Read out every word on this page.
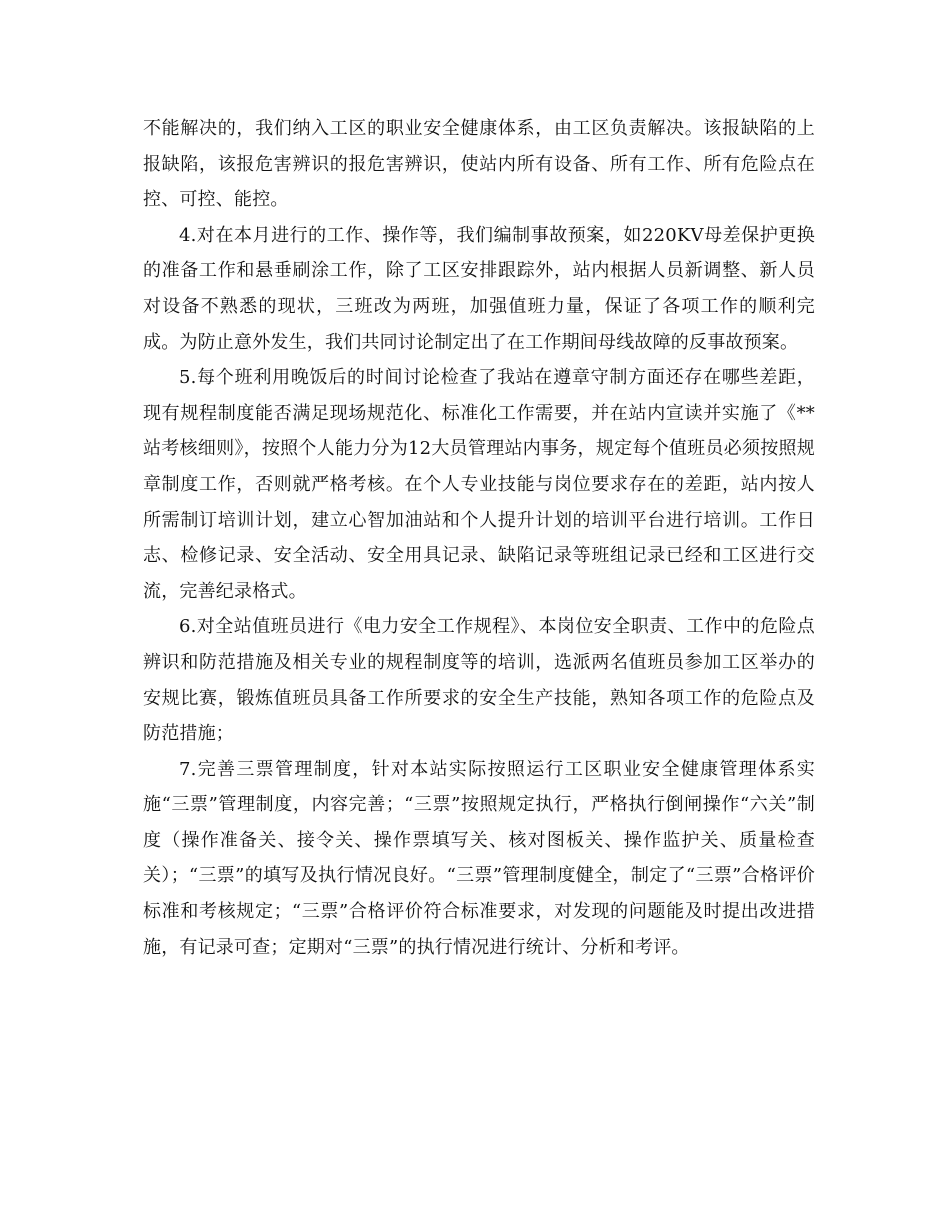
不能解决的，我们纳入工区的职业安全健康体系，由工区负责解决。该报缺陷的上报缺陷，该报危害辨识的报危害辨识，使站内所有设备、所有工作、所有危险点在控、可控、能控。

4.对在本月进行的工作、操作等，我们编制事故预案，如220KV母差保护更换的准备工作和悬垂刷涂工作，除了工区安排跟踪外，站内根据人员新调整、新人员对设备不熟悉的现状，三班改为两班，加强值班力量，保证了各项工作的顺利完成。为防止意外发生，我们共同讨论制定出了在工作期间母线故障的反事故预案。

5.每个班利用晚饭后的时间讨论检查了我站在遵章守制方面还存在哪些差距，现有规程制度能否满足现场规范化、标准化工作需要，并在站内宣读并实施了《**站考核细则》，按照个人能力分为12大员管理站内事务，规定每个值班员必须按照规章制度工作，否则就严格考核。在个人专业技能与岗位要求存在的差距，站内按人所需制订培训计划，建立心智加油站和个人提升计划的培训平台进行培训。工作日志、检修记录、安全活动、安全用具记录、缺陷记录等班组记录已经和工区进行交流，完善纪录格式。

6.对全站值班员进行《电力安全工作规程》、本岗位安全职责、工作中的危险点辨识和防范措施及相关专业的规程制度等的培训，选派两名值班员参加工区举办的安规比赛，锻炼值班员具备工作所要求的安全生产技能，熟知各项工作的危险点及防范措施；

7.完善三票管理制度，针对本站实际按照运行工区职业安全健康管理体系实施“三票”管理制度，内容完善；“三票”按照规定执行，严格执行倒闸操作“六关”制度（操作准备关、接令关、操作票填写关、核对图板关、操作监护关、质量检查关）；“三票”的填写及执行情况良好。“三票”管理制度健全，制定了“三票”合格评价标准和考核规定；“三票”合格评价符合标准要求，对发现的问题能及时提出改进措施，有记录可查；定期对“三票”的执行情况进行统计、分析和考评。
